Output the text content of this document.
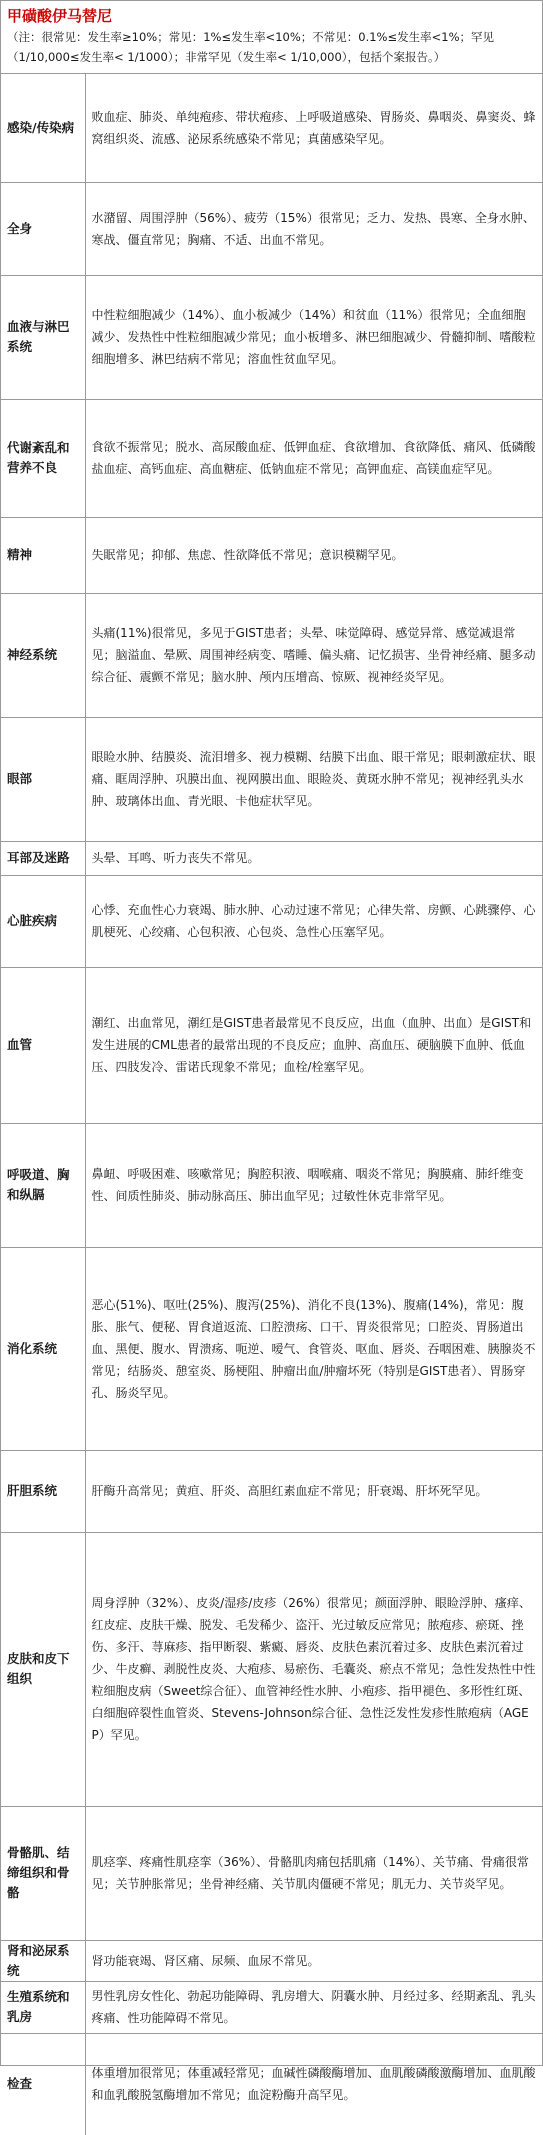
甲磺酸伊马替尼
（注：很常见：发生率≥10%；常见：1%≤发生率<10%；不常见：0.1%≤发生率<1%；罕见（1/10,000≤发生率< 1/1000）；非常罕见（发生率< 1/10,000），包括个案报告。）
感染/传染病	败血症、肺炎、单纯疱疹、带状疱疹、上呼吸道感染、胃肠炎、鼻咽炎、鼻窦炎、蜂窝组织炎、流感、泌尿系统感染不常见；真菌感染罕见。
全身	水潴留、周围浮肿（56%）、疲劳（15%）很常见；乏力、发热、畏寒、全身水肿、寒战、僵直常见；胸痛、不适、出血不常见。
血液与淋巴系统	中性粒细胞减少（14%）、血小板减少（14%）和贫血（11%）很常见；全血细胞减少、发热性中性粒细胞减少常见；血小板增多、淋巴细胞减少、骨髓抑制、嗜酸粒细胞增多、淋巴结病不常见；溶血性贫血罕见。
代谢紊乱和营养不良	食欲不振常见；脱水、高尿酸血症、低钾血症、食欲增加、食欲降低、痛风、低磷酸盐血症、高钙血症、高血糖症、低钠血症不常见；高钾血症、高镁血症罕见。
精神	失眠常见；抑郁、焦虑、性欲降低不常见；意识模糊罕见。
神经系统	头痛(11%)很常见，多见于GIST患者；头晕、味觉障碍、感觉异常、感觉减退常见；脑溢血、晕厥、周围神经病变、嗜睡、偏头痛、记忆损害、坐骨神经痛、腿多动综合征、震颤不常见；脑水肿、颅内压增高、惊厥、视神经炎罕见。
眼部	眼睑水肿、结膜炎、流泪增多、视力模糊、结膜下出血、眼干常见；眼刺激症状、眼痛、眶周浮肿、巩膜出血、视网膜出血、眼睑炎、黄斑水肿不常见；视神经乳头水肿、玻璃体出血、青光眼、卡他症状罕见。
耳部及迷路	头晕、耳鸣、听力丧失不常见。
心脏疾病	心悸、充血性心力衰竭、肺水肿、心动过速不常见；心律失常、房颤、心跳骤停、心肌梗死、心绞痛、心包积液、心包炎、急性心压塞罕见。
血管	潮红、出血常见，潮红是GIST患者最常见不良反应，出血（血肿、出血）是GIST和发生进展的CML患者的最常出现的不良反应；血肿、高血压、硬脑膜下血肿、低血压、四肢发冷、雷诺氏现象不常见；血栓/栓塞罕见。
呼吸道、胸和纵膈	鼻衄、呼吸困难、咳嗽常见；胸腔积液、咽喉痛、咽炎不常见；胸膜痛、肺纤维变性、间质性肺炎、肺动脉高压、肺出血罕见；过敏性休克非常罕见。
消化系统	恶心(51%)、呕吐(25%)、腹泻(25%)、消化不良(13%)、腹痛(14%)，常见：腹胀、胀气、便秘、胃食道返流、口腔溃疡、口干、胃炎很常见；口腔炎、胃肠道出血、黑便、腹水、胃溃疡、呃逆、嗳气、食管炎、呕血、唇炎、吞咽困难、胰腺炎不常见；结肠炎、憩室炎、肠梗阻、肿瘤出血/肿瘤坏死（特别是GIST患者）、胃肠穿孔、肠炎罕见。
肝胆系统	肝酶升高常见；黄疸、肝炎、高胆红素血症不常见；肝衰竭、肝坏死罕见。
皮肤和皮下组织	周身浮肿（32%）、皮炎/湿疹/皮疹（26%）很常见；颜面浮肿、眼睑浮肿、瘙痒、红皮症、皮肤干燥、脱发、毛发稀少、盗汗、光过敏反应常见；脓疱疹、瘀斑、挫伤、多汗、荨麻疹、指甲断裂、紫癜、唇炎、皮肤色素沉着过多、皮肤色素沉着过少、牛皮癣、剥脱性皮炎、大疱疹、易瘀伤、毛囊炎、瘀点不常见；急性发热性中性粒细胞皮病（Sweet综合征）、血管神经性水肿、小疱疹、指甲褪色、多形性红斑、白细胞碎裂性血管炎、Stevens-Johnson综合征、急性泛发性发疹性脓疱病（AGEP）罕见。
骨骼肌、结缔组织和骨骼	肌痉挛、疼痛性肌痉挛（36%）、骨骼肌肉痛包括肌痛（14%）、关节痛、骨痛很常见；关节肿胀常见；坐骨神经痛、关节肌肉僵硬不常见；肌无力、关节炎罕见。
肾和泌尿系统	肾功能衰竭、肾区痛、尿频、血尿不常见。
生殖系统和乳房	男性乳房女性化、勃起功能障碍、乳房增大、阴囊水肿、月经过多、经期紊乱、乳头疼痛、性功能障碍不常见。
检查	体重增加很常见；体重减轻常见；血碱性磷酸酶增加、血肌酸磷酸激酶增加、血肌酸和血乳酸脱氢酶增加不常见；血淀粉酶升高罕见。
